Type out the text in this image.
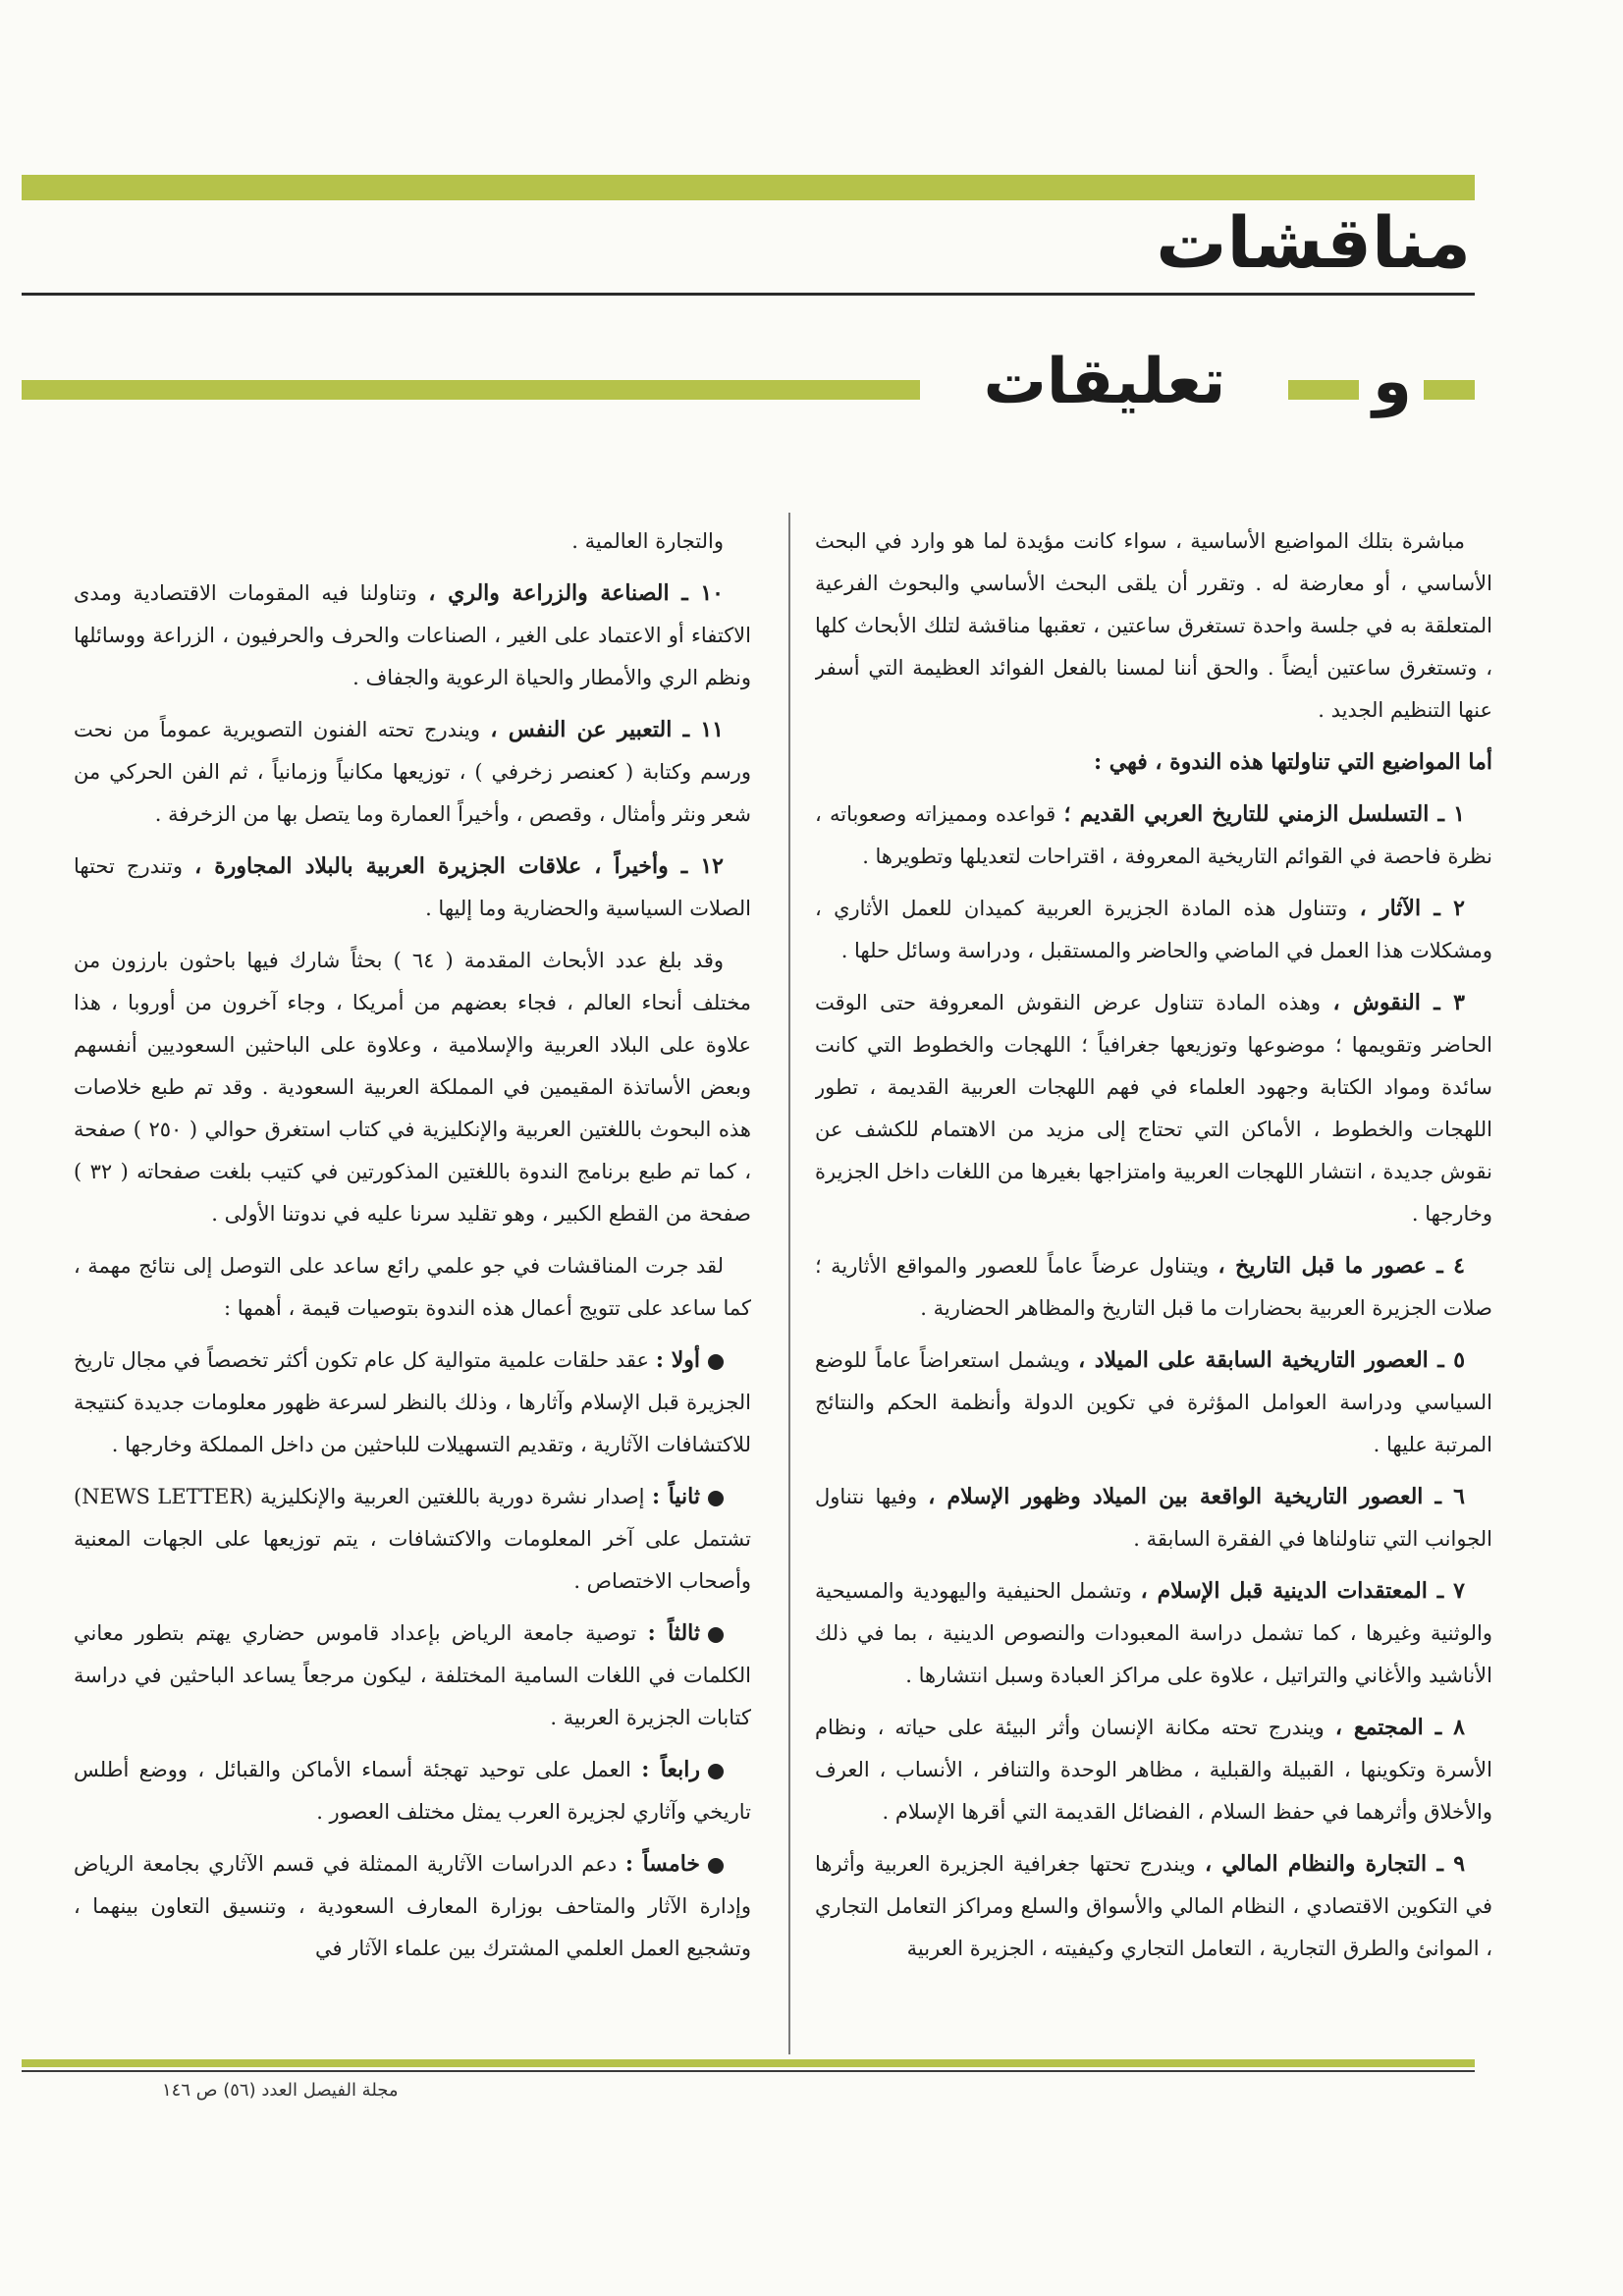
مناقشات
تعليقات	و

مباشرة بتلك المواضيع الأساسية ، سواء كانت مؤيدة لما هو وارد في البحث الأساسي ، أو معارضة له . وتقرر أن يلقى البحث الأساسي والبحوث الفرعية المتعلقة به في جلسة واحدة تستغرق ساعتين ، تعقبها مناقشة لتلك الأبحاث كلها ، وتستغرق ساعتين أيضاً . والحق أننا لمسنا بالفعل الفوائد العظيمة التي أسفر عنها التنظيم الجديد .

أما المواضيع التي تناولتها هذه الندوة ، فهي :

١ ـ التسلسل الزمني للتاريخ العربي القديم ؛ قواعده ومميزاته وصعوباته ، نظرة فاحصة في القوائم التاريخية المعروفة ، اقتراحات لتعديلها وتطويرها .

٢ ـ الآثار ، وتتناول هذه المادة الجزيرة العربية كميدان للعمل الأثاري ، ومشكلات هذا العمل في الماضي والحاضر والمستقبل ، ودراسة وسائل حلها .

٣ ـ النقوش ، وهذه المادة تتناول عرض النقوش المعروفة حتى الوقت الحاضر وتقويمها ؛ موضوعها وتوزيعها جغرافياً ؛ اللهجات والخطوط التي كانت سائدة ومواد الكتابة وجهود العلماء في فهم اللهجات العربية القديمة ، تطور اللهجات والخطوط ، الأماكن التي تحتاج إلى مزيد من الاهتمام للكشف عن نقوش جديدة ، انتشار اللهجات العربية وامتزاجها بغيرها من اللغات داخل الجزيرة وخارجها .

٤ ـ عصور ما قبل التاريخ ، ويتناول عرضاً عاماً للعصور والمواقع الأثارية ؛ صلات الجزيرة العربية بحضارات ما قبل التاريخ والمظاهر الحضارية .

٥ ـ العصور التاريخية السابقة على الميلاد ، ويشمل استعراضاً عاماً للوضع السياسي ودراسة العوامل المؤثرة في تكوين الدولة وأنظمة الحكم والنتائج المرتبة عليها .

٦ ـ العصور التاريخية الواقعة بين الميلاد وظهور الإسلام ، وفيها نتناول الجوانب التي تناولناها في الفقرة السابقة .

٧ ـ المعتقدات الدينية قبل الإسلام ، وتشمل الحنيفية واليهودية والمسيحية والوثنية وغيرها ، كما تشمل دراسة المعبودات والنصوص الدينية ، بما في ذلك الأناشيد والأغاني والتراتيل ، علاوة على مراكز العبادة وسبل انتشارها .

٨ ـ المجتمع ، ويندرج تحته مكانة الإنسان وأثر البيئة على حياته ، ونظام الأسرة وتكوينها ، القبيلة والقبلية ، مظاهر الوحدة والتنافر ، الأنساب ، العرف والأخلاق وأثرهما في حفظ السلام ، الفضائل القديمة التي أقرها الإسلام .

٩ ـ التجارة والنظام المالي ، ويندرج تحتها جغرافية الجزيرة العربية وأثرها في التكوين الاقتصادي ، النظام المالي والأسواق والسلع ومراكز التعامل التجاري ، الموانئ والطرق التجارية ، التعامل التجاري وكيفيته ، الجزيرة العربية

والتجارة العالمية .

١٠ ـ الصناعة والزراعة والري ، وتناولنا فيه المقومات الاقتصادية ومدى الاكتفاء أو الاعتماد على الغير ، الصناعات والحرف والحرفيون ، الزراعة ووسائلها ونظم الري والأمطار والحياة الرعوية والجفاف .

١١ ـ التعبير عن النفس ، ويندرج تحته الفنون التصويرية عموماً من نحت ورسم وكتابة ( كعنصر زخرفي ) ، توزيعها مكانياً وزمانياً ، ثم الفن الحركي من شعر ونثر وأمثال ، وقصص ، وأخيراً العمارة وما يتصل بها من الزخرفة .

١٢ ـ وأخيراً ، علاقات الجزيرة العربية بالبلاد المجاورة ، وتندرج تحتها الصلات السياسية والحضارية وما إليها .

وقد بلغ عدد الأبحاث المقدمة ( ٦٤ ) بحثاً شارك فيها باحثون بارزون من مختلف أنحاء العالم ، فجاء بعضهم من أمريكا ، وجاء آخرون من أوروبا ، هذا علاوة على البلاد العربية والإسلامية ، وعلاوة على الباحثين السعوديين أنفسهم وبعض الأساتذة المقيمين في المملكة العربية السعودية . وقد تم طبع خلاصات هذه البحوث باللغتين العربية والإنكليزية في كتاب استغرق حوالي ( ٢٥٠ ) صفحة ، كما تم طبع برنامج الندوة باللغتين المذكورتين في كتيب بلغت صفحاته ( ٣٢ ) صفحة من القطع الكبير ، وهو تقليد سرنا عليه في ندوتنا الأولى .

لقد جرت المناقشات في جو علمي رائع ساعد على التوصل إلى نتائج مهمة ، كما ساعد على تتويج أعمال هذه الندوة بتوصيات قيمة ، أهمها :

أولا : عقد حلقات علمية متوالية كل عام تكون أكثر تخصصاً في مجال تاريخ الجزيرة قبل الإسلام وآثارها ، وذلك بالنظر لسرعة ظهور معلومات جديدة كنتيجة للاكتشافات الآثارية ، وتقديم التسهيلات للباحثين من داخل المملكة وخارجها .

ثانياً : إصدار نشرة دورية باللغتين العربية والإنكليزية (NEWS LETTER) تشتمل على آخر المعلومات والاكتشافات ، يتم توزيعها على الجهات المعنية وأصحاب الاختصاص .

ثالثاً : توصية جامعة الرياض بإعداد قاموس حضاري يهتم بتطور معاني الكلمات في اللغات السامية المختلفة ، ليكون مرجعاً يساعد الباحثين في دراسة كتابات الجزيرة العربية .

رابعاً : العمل على توحيد تهجئة أسماء الأماكن والقبائل ، ووضع أطلس تاريخي وآثاري لجزيرة العرب يمثل مختلف العصور .

خامساً : دعم الدراسات الآثارية الممثلة في قسم الآثاري بجامعة الرياض وإدارة الآثار والمتاحف بوزارة المعارف السعودية ، وتنسيق التعاون بينهما ، وتشجيع العمل العلمي المشترك بين علماء الآثار في

مجلة الفيصل العدد (٥٦) ص ١٤٦
